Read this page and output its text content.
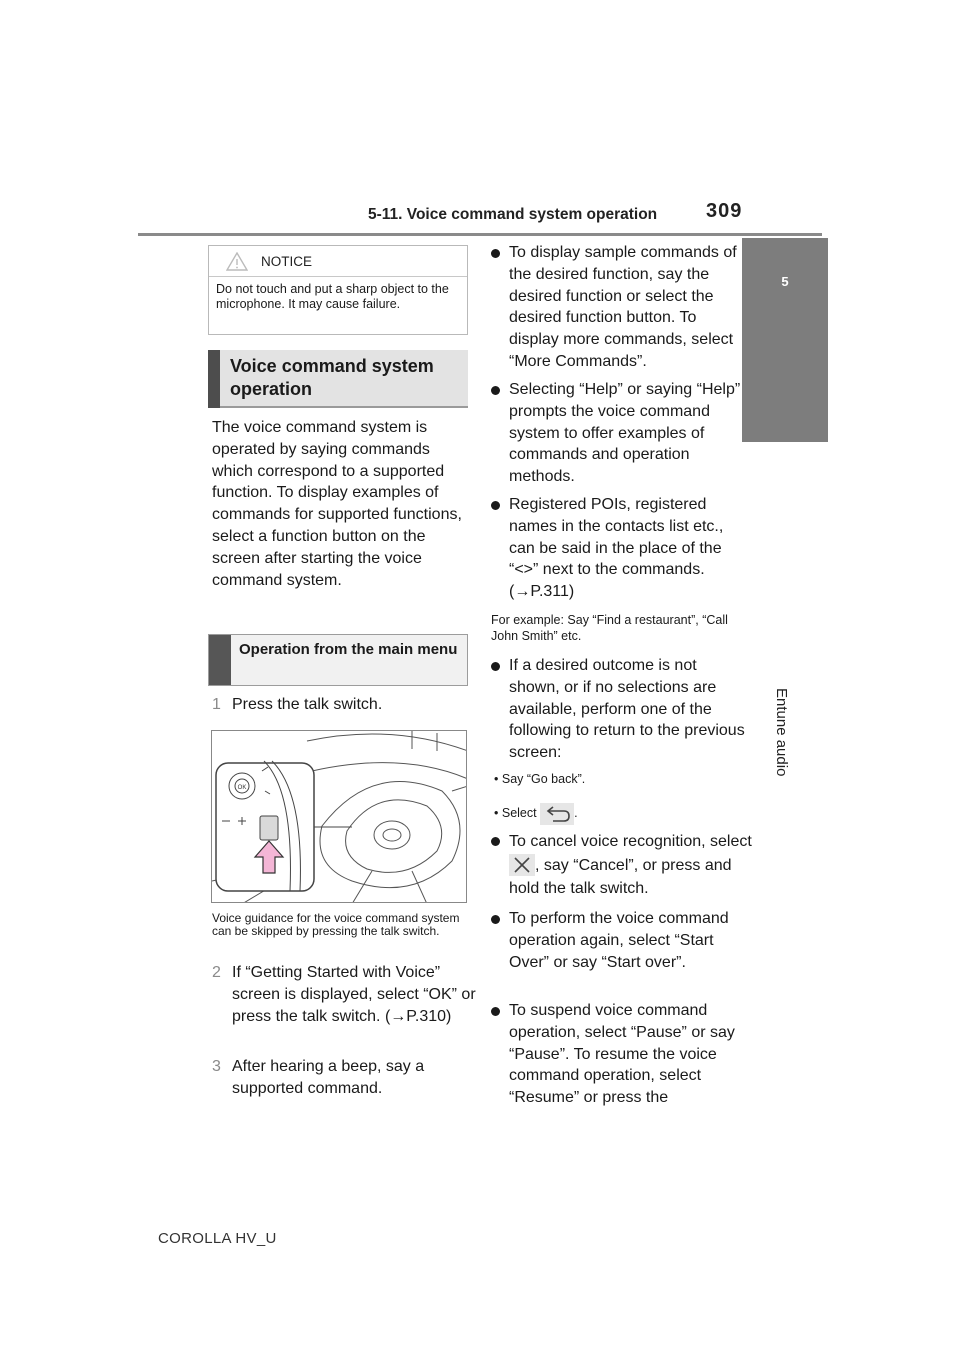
5-11. Voice command system operation 309
5
Entune audio
NOTICE
Do not touch and put a sharp object to the microphone. It may cause failure.
Voice command system operation
The voice command system is operated by saying commands which correspond to a supported function. To display examples of commands for supported functions, select a function button on the screen after starting the voice command system.
Operation from the main menu
1 Press the talk switch.
OK
Voice guidance for the voice command system can be skipped by pressing the talk switch.
2 If “Getting Started with Voice” screen is displayed, select “OK” or press the talk switch. (→P.310)
3 After hearing a beep, say a supported command.
To display sample commands of the desired function, say the desired function or select the desired function button. To display more commands, select “More Commands”.
Selecting “Help” or saying “Help” prompts the voice command system to offer examples of commands and operation methods.
Registered POIs, registered names in the contacts list etc., can be said in the place of the “<>” next to the commands. (→P.311)
For example: Say “Find a restaurant”, “Call John Smith” etc.
If a desired outcome is not shown, or if no selections are available, perform one of the following to return to the previous screen:
• Say “Go back”.
• Select	.
To cancel voice recognition, select
, say “Cancel”, or press and hold the talk switch.
To perform the voice command operation again, select “Start Over” or say “Start over”.
To suspend voice command operation, select “Pause” or say “Pause”. To resume the voice command operation, select “Resume” or press the
COROLLA HV_U
